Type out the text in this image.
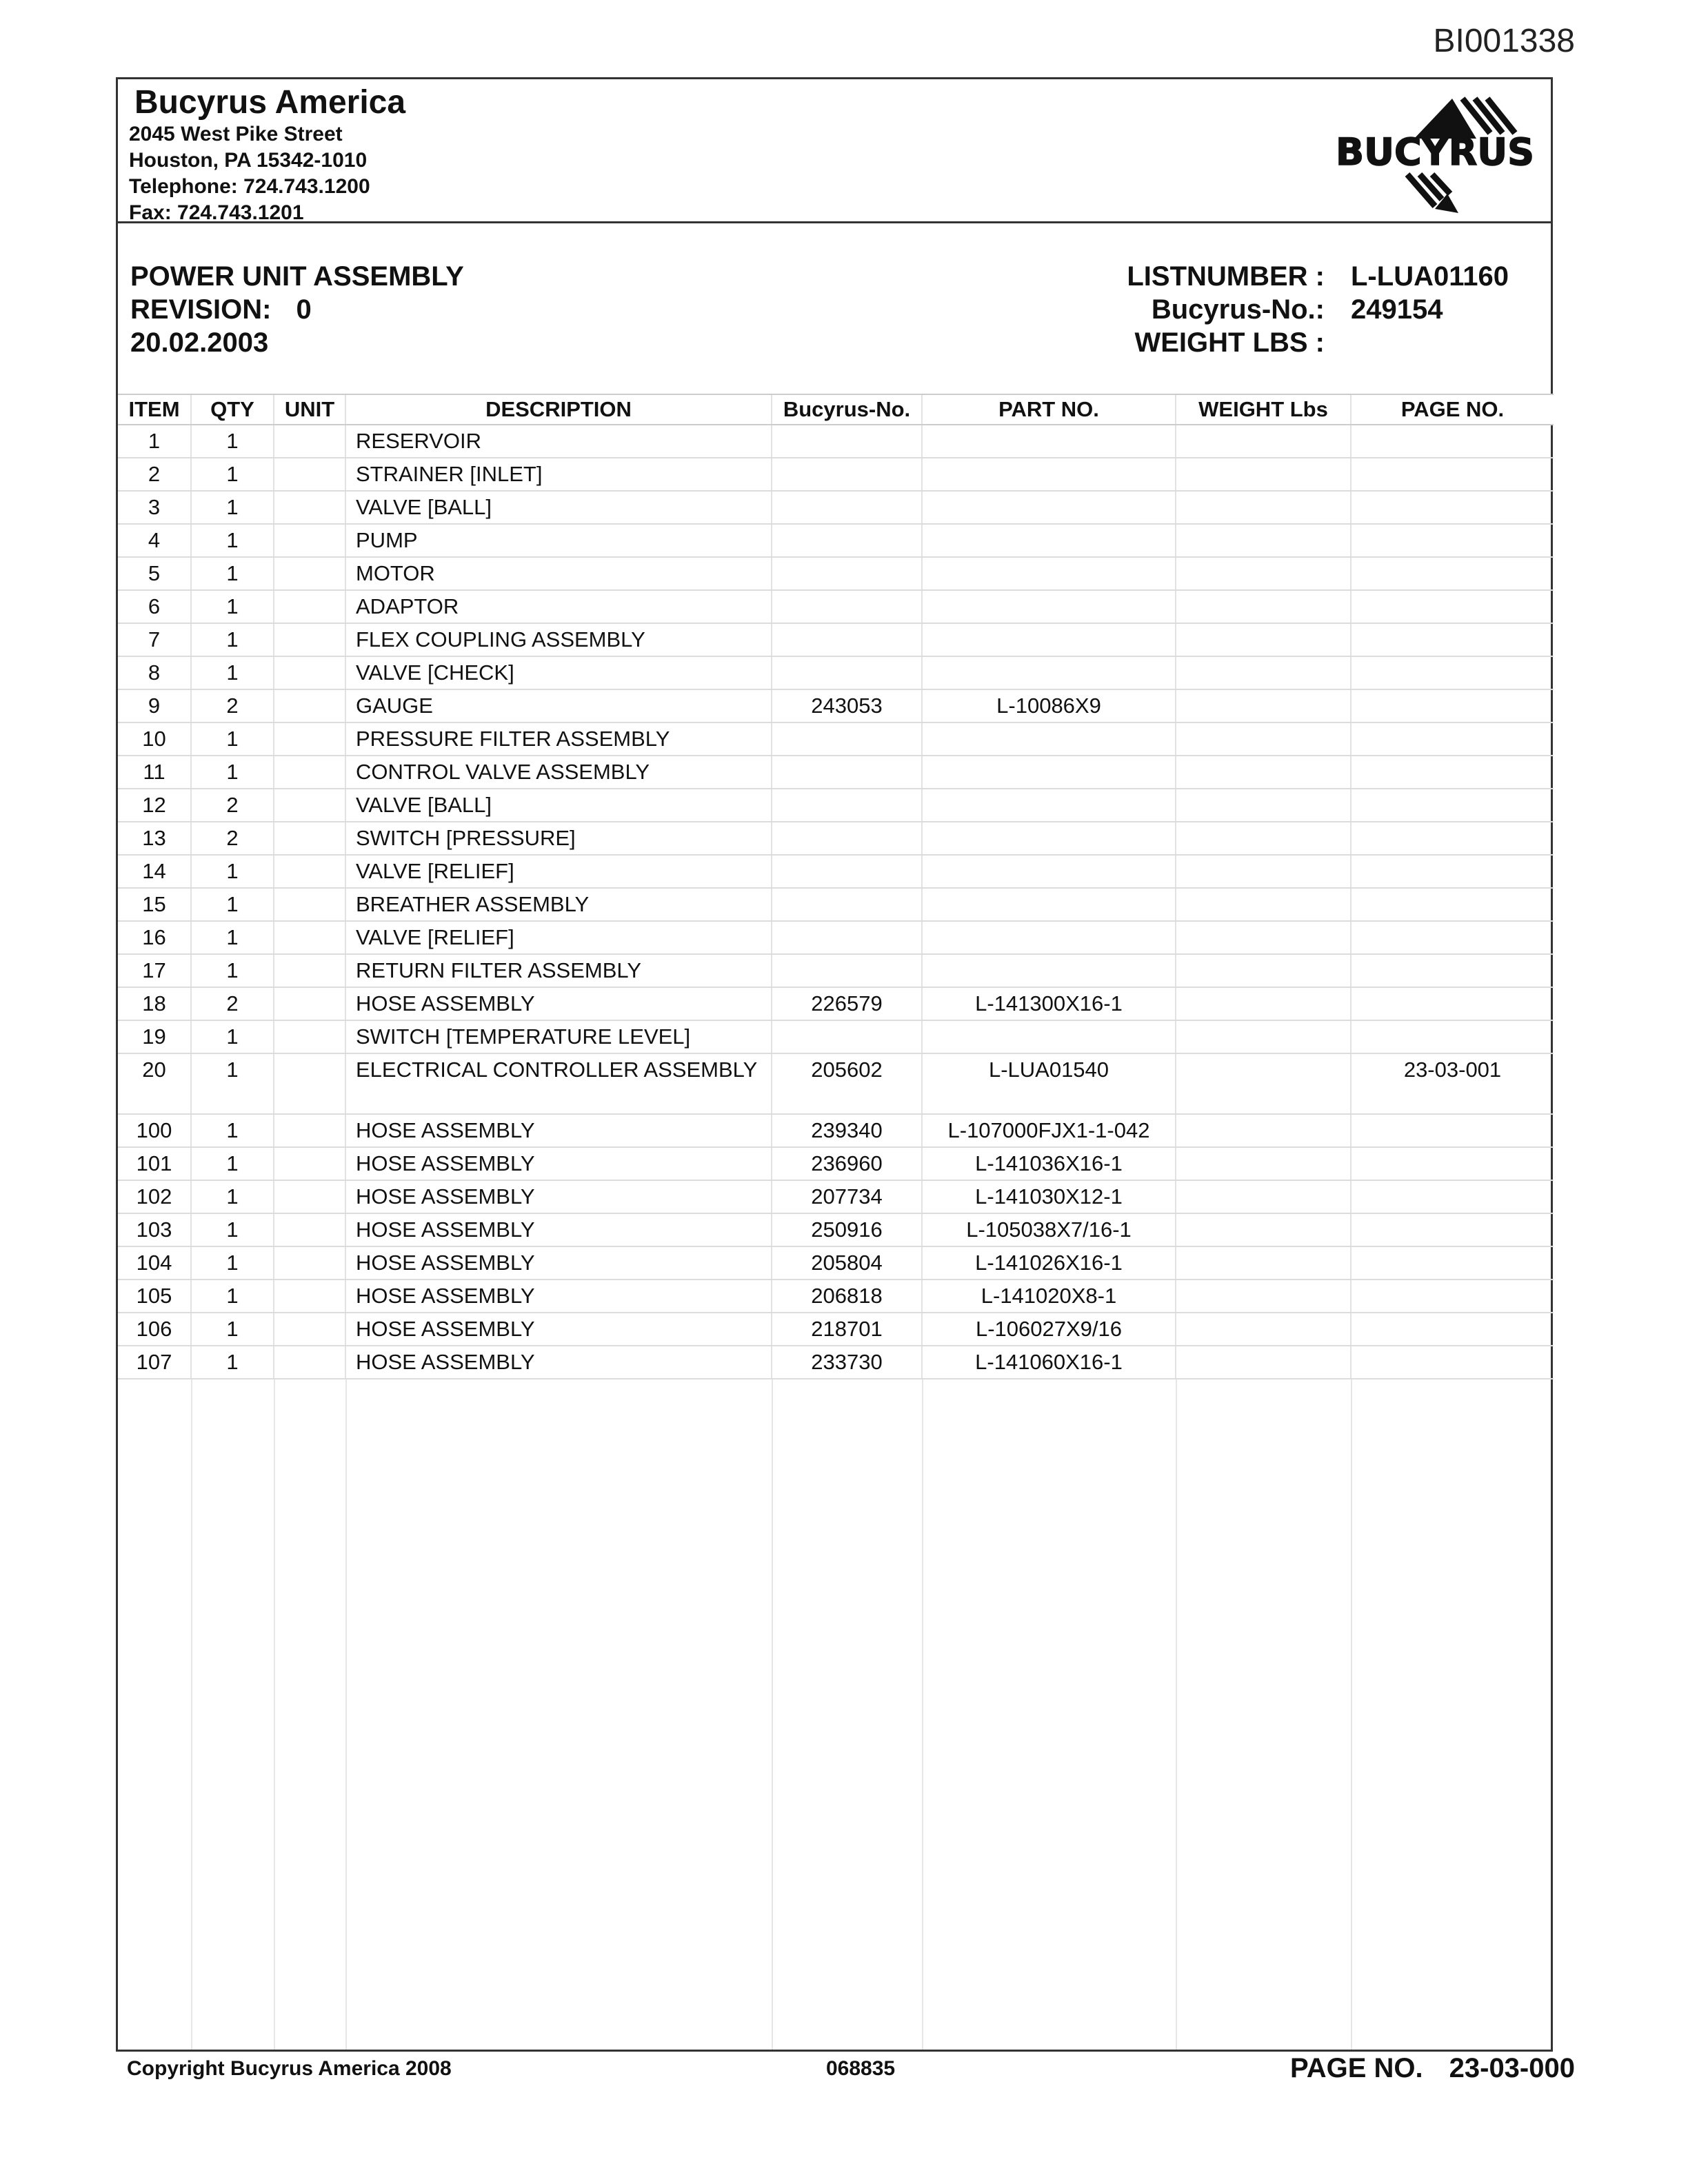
BI001338
Bucyrus America
2045 West Pike Street
Houston, PA 15342-1010
Telephone: 724.743.1200
Fax: 724.743.1201
BUCYRUS
POWER UNIT ASSEMBLY
REVISION: 0
20.02.2003
LISTNUMBER : L-LUA01160
Bucyrus-No.: 249154
WEIGHT LBS :
ITEM	QTY	UNIT	DESCRIPTION	Bucyrus-No.	PART NO.	WEIGHT Lbs	PAGE NO.

1	1		RESERVOIR				

2	1		STRAINER [INLET]				

3	1		VALVE [BALL]				

4	1		PUMP				

5	1		MOTOR				

6	1		ADAPTOR				

7	1		FLEX COUPLING ASSEMBLY				

8	1		VALVE [CHECK]				

9	2		GAUGE	243053	L-10086X9		

10	1		PRESSURE FILTER ASSEMBLY				

11	1		CONTROL VALVE ASSEMBLY				

12	2		VALVE [BALL]				

13	2		SWITCH [PRESSURE]				

14	1		VALVE [RELIEF]				

15	1		BREATHER ASSEMBLY				

16	1		VALVE [RELIEF]				

17	1		RETURN FILTER ASSEMBLY				

18	2		HOSE ASSEMBLY	226579	L-141300X16-1		

19	1		SWITCH [TEMPERATURE LEVEL]				

20	1		ELECTRICAL CONTROLLER ASSEMBLY	205602	L-LUA01540		23-03-001

100	1		HOSE ASSEMBLY	239340	L-107000FJX1-1-042		

101	1		HOSE ASSEMBLY	236960	L-141036X16-1		

102	1		HOSE ASSEMBLY	207734	L-141030X12-1		

103	1		HOSE ASSEMBLY	250916	L-105038X7/16-1		

104	1		HOSE ASSEMBLY	205804	L-141026X16-1		

105	1		HOSE ASSEMBLY	206818	L-141020X8-1		

106	1		HOSE ASSEMBLY	218701	L-106027X9/16		

107	1		HOSE ASSEMBLY	233730	L-141060X16-1		

Copyright Bucyrus America 2008	068835	PAGE NO. 23-03-000
